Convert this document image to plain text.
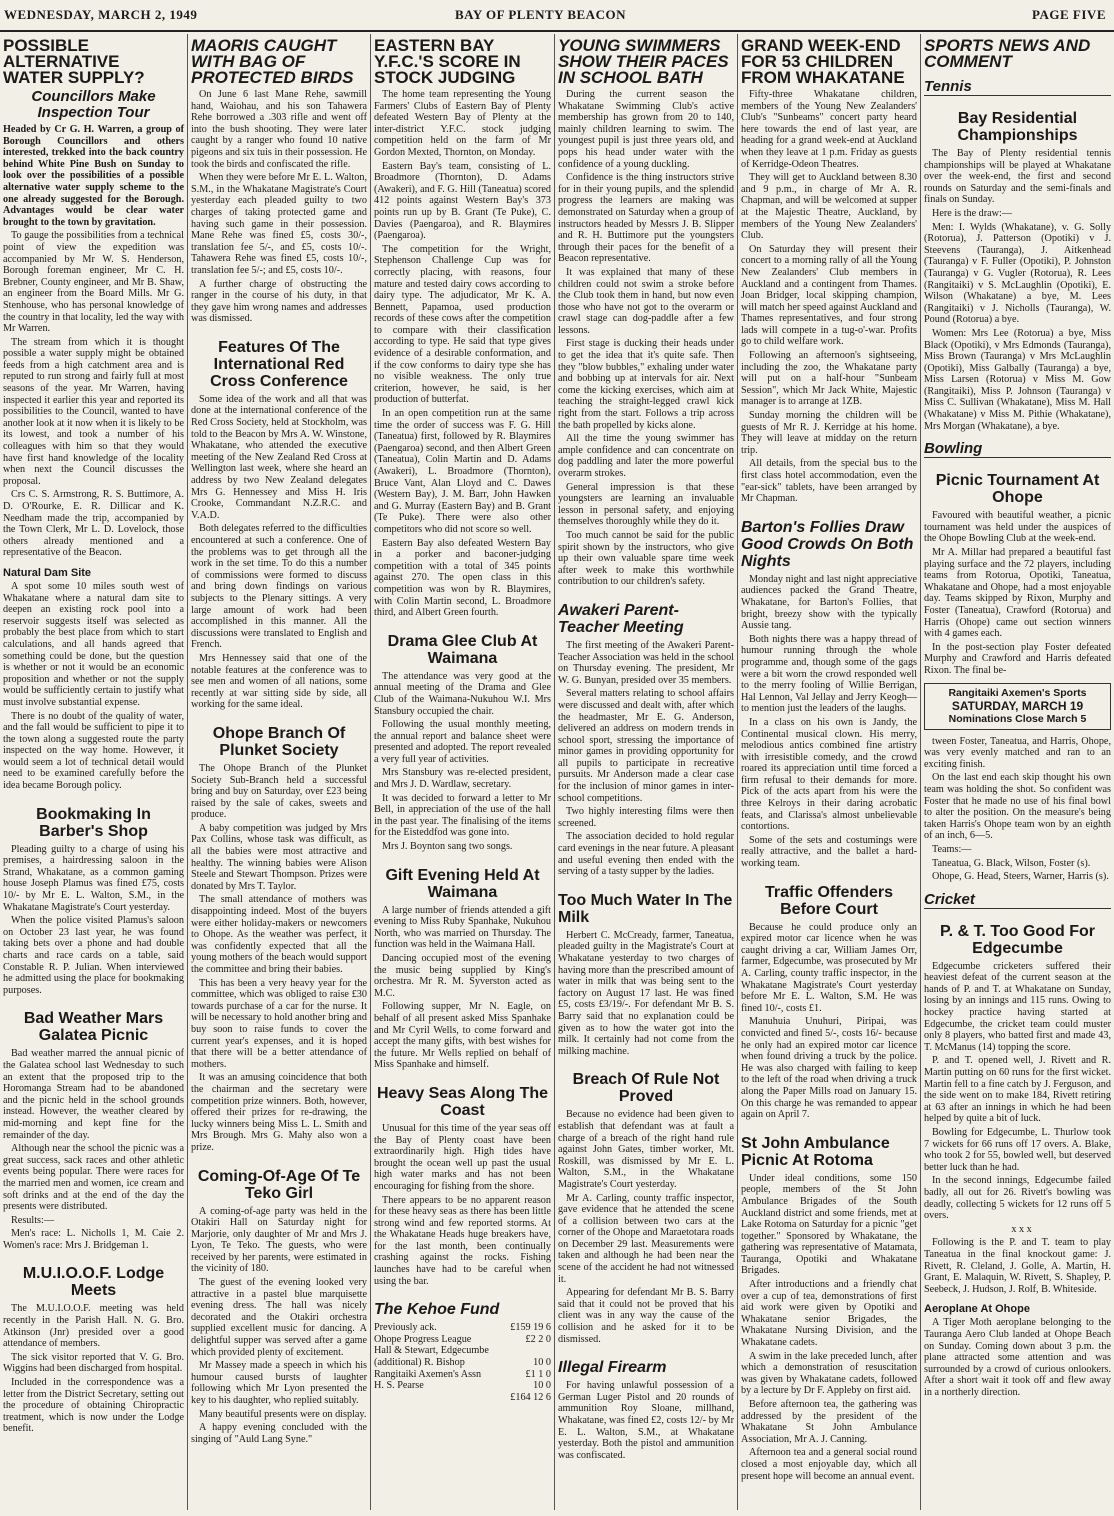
WEDNESDAY, MARCH 2, 1949	BAY OF PLENTY BEACON	PAGE FIVE
POSSIBLE ALTERNATIVE WATER SUPPLY?
Councillors Make Inspection Tour

Headed by Cr G. H. Warren, a group of Borough Councillors and others interested, trekked into the back country behind White Pine Bush on Sunday to look over the possibilities of a possible alternative water supply scheme to the one already suggested for the Borough. Advantages would be clear water brought to the town by gravitation.

To gauge the possibilities from a technical point of view the expedition was accompanied by Mr W. S. Henderson, Borough foreman engineer, Mr C. H. Brebner, County engineer, and Mr B. Shaw, an engineer from the Board Mills. Mr G. Stenhouse, who has personal knowledge of the country in that locality, led the way with Mr Warren.

The stream from which it is thought possible a water supply might be obtained feeds from a high catchment area and is reputed to run strong and fairly full at most seasons of the year. Mr Warren, having inspected it earlier this year and reported its possibilities to the Council, wanted to have another look at it now when it is likely to be its lowest, and took a number of his colleagues with him so that they would have first hand knowledge of the locality when next the Council discusses the proposal.

Crs C. S. Armstrong, R. S. Buttimore, A. D. O'Rourke, E. R. Dillicar and K. Needham made the trip, accompanied by the Town Clerk, Mr L. D. Lovelock, those others already mentioned and a representative of the Beacon.

Natural Dam Site

A spot some 10 miles south west of Whakatane where a natural dam site to deepen an existing rock pool into a reservoir suggests itself was selected as probably the best place from which to start calculations, and all hands agreed that something could be done, but the question is whether or not it would be an economic proposition and whether or not the supply would be sufficiently certain to justify what must involve substantial expense.

There is no doubt of the quality of water, and the fall would be sufficient to pipe it to the town along a suggested route the party inspected on the way home. However, it would seem a lot of technical detail would need to be examined carefully before the idea became Borough policy.

Bookmaking In Barber's Shop

Pleading guilty to a charge of using his premises, a hairdressing saloon in the Strand, Whakatane, as a common gaming house Joseph Plamus was fined £75, costs 10/- by Mr E. L. Walton, S.M., in the Whakatane Magistrate's Court yesterday.

When the police visited Plamus's saloon on October 23 last year, he was found taking bets over a phone and had double charts and race cards on a table, said Constable R. P. Julian. When interviewed he admitted using the place for bookmaking purposes.

Bad Weather Mars Galatea Picnic

Bad weather marred the annual picnic of the Galatea school last Wednesday to such an extent that the proposed trip to the Horomanga Stream had to be abandoned and the picnic held in the school grounds instead. However, the weather cleared by mid-morning and kept fine for the remainder of the day.

Although near the school the picnic was a great success, sack races and other athletic events being popular. There were races for the married men and women, ice cream and soft drinks and at the end of the day the presents were distributed.

Results:—

Men's race: L. Nicholls 1, M. Caie 2. Women's race: Mrs J. Bridgeman 1.

M.U.I.O.O.F. Lodge Meets

The M.U.I.O.O.F. meeting was held recently in the Parish Hall. N. G. Bro. Atkinson (Jnr) presided over a good attendance of members.

The sick visitor reported that V. G. Bro. Wiggins had been discharged from hospital.

Included in the correspondence was a letter from the District Secretary, setting out the procedure of obtaining Chiropractic treatment, which is now under the Lodge benefit.

MAORIS CAUGHT WITH BAG OF PROTECTED BIRDS

On June 6 last Mane Rehe, sawmill hand, Waiohau, and his son Tahawera Rehe borrowed a .303 rifle and went off into the bush shooting. They were later caught by a ranger who found 10 native pigeons and six tuis in their possession. He took the birds and confiscated the rifle.

When they were before Mr E. L. Walton, S.M., in the Whakatane Magistrate's Court yesterday each pleaded guilty to two charges of taking protected game and having such game in their possession. Mane Rehe was fined £5, costs 30/-, translation fee 5/-, and £5, costs 10/-. Tahawera Rehe was fined £5, costs 10/-, translation fee 5/-; and £5, costs 10/-.

A further charge of obstructing the ranger in the course of his duty, in that they gave him wrong names and addresses was dismissed.

Features Of The International Red Cross Conference

Some idea of the work and all that was done at the international conference of the Red Cross Society, held at Stockholm, was told to the Beacon by Mrs A. W. Winstone, Whakatane, who attended the executive meeting of the New Zealand Red Cross at Wellington last week, where she heard an address by two New Zealand delegates Mrs G. Hennessey and Miss H. Iris Crooke, Commandant N.Z.R.C. and V.A.D.

Both delegates referred to the difficulties encountered at such a conference. One of the problems was to get through all the work in the set time. To do this a number of commissions were formed to discuss and bring down findings on various subjects to the Plenary sittings. A very large amount of work had been accomplished in this manner. All the discussions were translated to English and French.

Mrs Hennessey said that one of the notable features at the conference was to see men and women of all nations, some recently at war sitting side by side, all working for the same ideal.

Ohope Branch Of Plunket Society

The Ohope Branch of the Plunket Society Sub-Branch held a successful bring and buy on Saturday, over £23 being raised by the sale of cakes, sweets and produce.

A baby competition was judged by Mrs Pax Collins, whose task was difficult, as all the babies were most attractive and healthy. The winning babies were Alison Steele and Stewart Thompson. Prizes were donated by Mrs T. Taylor.

The small attendance of mothers was disappointing indeed. Most of the buyers were either holiday-makers or newcomers to Ohope. As the weather was perfect, it was confidently expected that all the young mothers of the beach would support the committee and bring their babies.

This has been a very heavy year for the committee, which was obliged to raise £30 towards purchase of a car for the nurse. It will be necessary to hold another bring and buy soon to raise funds to cover the current year's expenses, and it is hoped that there will be a better attendance of mothers.

It was an amusing coincidence that both the chairman and the secretary were competition prize winners. Both, however, offered their prizes for re-drawing, the lucky winners being Miss L. L. Smith and Mrs Brough. Mrs G. Mahy also won a prize.

Coming-Of-Age Of Te Teko Girl

A coming-of-age party was held in the Otakiri Hall on Saturday night for Marjorie, only daughter of Mr and Mrs J. Lyon, Te Teko. The guests, who were received by her parents, were estimated in the vicinity of 180.

The guest of the evening looked very attractive in a pastel blue marquisette evening dress. The hall was nicely decorated and the Otakiri orchestra supplied excellent music for dancing. A delightful supper was served after a game which provided plenty of excitement.

Mr Massey made a speech in which his humour caused bursts of laughter following which Mr Lyon presented the key to his daughter, who replied suitably.

Many beautiful presents were on display.

A happy evening concluded with the singing of "Auld Lang Syne."

EASTERN BAY Y.F.C.'S SCORE IN STOCK JUDGING

The home team representing the Young Farmers' Clubs of Eastern Bay of Plenty defeated Western Bay of Plenty at the inter-district Y.F.C. stock judging competition held on the farm of Mr Gordon Mexted, Thornton, on Monday.

Eastern Bay's team, consisting of L. Broadmore (Thornton), D. Adams (Awakeri), and F. G. Hill (Taneatua) scored 412 points against Western Bay's 373 points run up by B. Grant (Te Puke), C. Davies (Paengaroa), and R. Blaymires (Paengaroa).

The competition for the Wright, Stephenson Challenge Cup was for correctly placing, with reasons, four mature and tested dairy cows according to dairy type. The adjudicator, Mr K. A. Bennett, Papamoa, used production records of these cows after the competition to compare with their classification according to type. He said that type gives evidence of a desirable conformation, and if the cow conforms to dairy type she has no visible weakness. The only true criterion, however, he said, is her production of butterfat.

In an open competition run at the same time the order of success was F. G. Hill (Taneatua) first, followed by R. Blaymires (Paengaroa) second, and then Albert Green (Taneatua), Colin Martin and D. Adams (Awakeri), L. Broadmore (Thornton), Bruce Vant, Alan Lloyd and C. Dawes (Western Bay), J. M. Barr, John Hawken and G. Murray (Eastern Bay) and B. Grant (Te Puke). There were also other competitors who did not score so well.

Eastern Bay also defeated Western Bay in a porker and baconer-judging competition with a total of 345 points against 270. The open class in this competition was won by R. Blaymires, with Colin Martin second, L. Broadmore third, and Albert Green fourth.

Drama Glee Club At Waimana

The attendance was very good at the annual meeting of the Drama and Glee Club of the Waimana-Nukuhou W.I. Mrs Stansbury occupied the chair.

Following the usual monthly meeting, the annual report and balance sheet were presented and adopted. The report revealed a very full year of activities.

Mrs Stansbury was re-elected president, and Mrs J. D. Wardlaw, secretary.

It was decided to forward a letter to Mr Bell, in appreciation of the use of the hall in the past year. The finalising of the items for the Eisteddfod was gone into.

Mrs J. Boynton sang two songs.

Gift Evening Held At Waimana

A large number of friends attended a gift evening to Miss Ruby Spanhake, Nukuhou North, who was married on Thursday. The function was held in the Waimana Hall.

Dancing occupied most of the evening the music being supplied by King's orchestra. Mr R. M. Syverston acted as M.C.

Following supper, Mr N. Eagle, on behalf of all present asked Miss Spanhake and Mr Cyril Wells, to come forward and accept the many gifts, with best wishes for the future. Mr Wells replied on behalf of Miss Spanhake and himself.

Heavy Seas Along The Coast

Unusual for this time of the year seas off the Bay of Plenty coast have been extraordinarily high. High tides have brought the ocean well up past the usual high water marks and has not been encouraging for fishing from the shore.

There appears to be no apparent reason for these heavy seas as there has been little strong wind and few reported storms. At the Whakatane Heads huge breakers have, for the last month, been continually crashing against the rocks. Fishing launches have had to be careful when using the bar.

The Kehoe Fund
Previously ack.	£159 19 6
Ohope Progress League	£2 2 0
Hall & Stewart, Edgecumbe	
(additional) R. Bishop	10 0
Rangitaiki Axemen's Assn	£1 1 0
H. S. Pearse	10 0
	£164 12 6
YOUNG SWIMMERS SHOW THEIR PACES IN SCHOOL BATH

During the current season the Whakatane Swimming Club's active membership has grown from 20 to 140, mainly children learning to swim. The youngest pupil is just three years old, and pops his head under water with the confidence of a young duckling.

Confidence is the thing instructors strive for in their young pupils, and the splendid progress the learners are making was demonstrated on Saturday when a group of instructors headed by Messrs J. B. Slipper and R. H. Buttimore put the youngsters through their paces for the benefit of a Beacon representative.

It was explained that many of these children could not swim a stroke before the Club took them in hand, but now even those who have not got to the overarm or crawl stage can dog-paddle after a few lessons.

First stage is ducking their heads under to get the idea that it's quite safe. Then they "blow bubbles," exhaling under water and bobbing up at intervals for air. Next come the kicking exercises, which aim at teaching the straight-legged crawl kick right from the start. Follows a trip across the bath propelled by kicks alone.

All the time the young swimmer has ample confidence and can concentrate on dog paddling and later the more powerful overarm strokes.

General impression is that these youngsters are learning an invaluable lesson in personal safety, and enjoying themselves thoroughly while they do it.

Too much cannot be said for the public spirit shown by the instructors, who give up their own valuable spare time week after week to make this worthwhile contribution to our children's safety.

Awakeri Parent-Teacher Meeting

The first meeting of the Awakeri Parent-Teacher Association was held in the school on Thursday evening. The president, Mr W. G. Bunyan, presided over 35 members.

Several matters relating to school affairs were discussed and dealt with, after which the headmaster, Mr E. G. Anderson, delivered an address on modern trends in school sport, stressing the importance of minor games in providing opportunity for all pupils to participate in recreative pursuits. Mr Anderson made a clear case for the inclusion of minor games in inter-school competitions.

Two highly interesting films were then screened.

The association decided to hold regular card evenings in the near future. A pleasant and useful evening then ended with the serving of a tasty supper by the ladies.

Too Much Water In The Milk

Herbert C. McCready, farmer, Taneatua, pleaded guilty in the Magistrate's Court at Whakatane yesterday to two charges of having more than the prescribed amount of water in milk that was being sent to the factory on August 17 last. He was fined £5, costs £3/19/-. For defendant Mr B. S. Barry said that no explanation could be given as to how the water got into the milk. It certainly had not come from the milking machine.

Breach Of Rule Not Proved

Because no evidence had been given to establish that defendant was at fault a charge of a breach of the right hand rule against John Gates, timber worker, Mt. Roskill, was dismissed by Mr E. L. Walton, S.M., in the Whakatane Magistrate's Court yesterday.

Mr A. Carling, county traffic inspector, gave evidence that he attended the scene of a collision between two cars at the corner of the Ohope and Maraetotara roads on December 29 last. Measurements were taken and although he had been near the scene of the accident he had not witnessed it.

Appearing for defendant Mr B. S. Barry said that it could not be proved that his client was in any way the cause of the collision and he asked for it to be dismissed.

Illegal Firearm

For having unlawful possession of a German Luger Pistol and 20 rounds of ammunition Roy Sloane, millhand, Whakatane, was fined £2, costs 12/- by Mr E. L. Walton, S.M., at Whakatane yesterday. Both the pistol and ammunition was confiscated.

GRAND WEEK-END FOR 53 CHILDREN FROM WHAKATANE

Fifty-three Whakatane children, members of the Young New Zealanders' Club's "Sunbeams" concert party heard here towards the end of last year, are heading for a grand week-end at Auckland when they leave at 1 p.m. Friday as guests of Kerridge-Odeon Theatres.

They will get to Auckland between 8.30 and 9 p.m., in charge of Mr A. R. Chapman, and will be welcomed at supper at the Majestic Theatre, Auckland, by members of the Young New Zealanders' Club.

On Saturday they will present their concert to a morning rally of all the Young New Zealanders' Club members in Auckland and a contingent from Thames. Joan Bridger, local skipping champion, will match her speed against Auckland and Thames representatives, and four strong lads will compete in a tug-o'-war. Profits go to child welfare work.

Following an afternoon's sightseeing, including the zoo, the Whakatane party will put on a half-hour "Sunbeam Session", which Mr Jack White, Majestic manager is to arrange at 1ZB.

Sunday morning the children will be guests of Mr R. J. Kerridge at his home. They will leave at midday on the return trip.

All details, from the special bus to the first class hotel accommodation, even the "ear-sick" tablets, have been arranged by Mr Chapman.

Barton's Follies Draw Good Crowds On Both Nights

Monday night and last night appreciative audiences packed the Grand Theatre, Whakatane, for Barton's Follies, that bright, breezy show with the typically Aussie tang.

Both nights there was a happy thread of humour running through the whole programme and, though some of the gags were a bit worn the crowd responded well to the merry fooling of Willie Berrigan, Hal Lennon, Val Jellay and Jerry Keogh—to mention just the leaders of the laughs.

In a class on his own is Jandy, the Continental musical clown. His merry, melodious antics combined fine artistry with irresistible comedy, and the crowd roared its appreciation until time forced a firm refusal to their demands for more. Pick of the acts apart from his were the three Kelroys in their daring acrobatic feats, and Clarissa's almost unbelievable contortions.

Some of the sets and costumings were really attractive, and the ballet a hard-working team.

Traffic Offenders Before Court

Because he could produce only an expired motor car licence when he was caught driving a car, William James Orr, farmer, Edgecumbe, was prosecuted by Mr A. Carling, county traffic inspector, in the Whakatane Magistrate's Court yesterday before Mr E. L. Walton, S.M. He was fined 10/-, costs £1.

Manuhuia Unuhuri, Piripai, was convicted and fined 5/-, costs 16/- because he only had an expired motor car licence when found driving a truck by the police. He was also charged with failing to keep to the left of the road when driving a truck along the Paper Mills road on January 15. On this charge he was remanded to appear again on April 7.

St John Ambulance Picnic At Rotoma

Under ideal conditions, some 150 people, members of the St John Ambulance Brigades of the South Auckland district and some friends, met at Lake Rotoma on Saturday for a picnic "get together." Sponsored by Whakatane, the gathering was representative of Matamata, Tauranga, Opotiki and Whakatane Brigades.

After introductions and a friendly chat over a cup of tea, demonstrations of first aid work were given by Opotiki and Whakatane senior Brigades, the Whakatane Nursing Division, and the Whakatane cadets.

A swim in the lake preceded lunch, after which a demonstration of resuscitation was given by Whakatane cadets, followed by a lecture by Dr F. Appleby on first aid.

Before afternoon tea, the gathering was addressed by the president of the Whakatane St John Ambulance Association, Mr A. J. Canning.

Afternoon tea and a general social round closed a most enjoyable day, which all present hope will become an annual event.

SPORTS NEWS AND COMMENT
Tennis
Bay Residential Championships

The Bay of Plenty residential tennis championships will be played at Whakatane over the week-end, the first and second rounds on Saturday and the semi-finals and finals on Sunday.

Here is the draw:—

Men: I. Wylds (Whakatane), v. G. Solly (Rotorua), J. Patterson (Opotiki) v J. Steevens (Tauranga), J. Aitkenhead (Tauranga) v F. Fuller (Opotiki), P. Johnston (Tauranga) v G. Vugler (Rotorua), R. Lees (Rangitaiki) v S. McLaughlin (Opotiki), E. Wilson (Whakatane) a bye, M. Lees (Rangitaiki) v J. Nicholls (Tauranga), W. Pound (Rotorua) a bye.

Women: Mrs Lee (Rotorua) a bye, Miss Black (Opotiki), v Mrs Edmonds (Tauranga), Miss Brown (Tauranga) v Mrs McLaughlin (Opotiki), Miss Galbally (Tauranga) a bye, Miss Larsen (Rotorua) v Miss M. Gow (Rangitaiki), Miss P. Johnson (Tauranga) v Miss C. Sullivan (Whakatane), Miss M. Hall (Whakatane) v Miss M. Pithie (Whakatane), Mrs Morgan (Whakatane), a bye.

Bowling
Picnic Tournament At Ohope

Favoured with beautiful weather, a picnic tournament was held under the auspices of the Ohope Bowling Club at the week-end.

Mr A. Millar had prepared a beautiful fast playing surface and the 72 players, including teams from Rotorua, Opotiki, Taneatua, Whakatane and Ohope, had a most enjoyable day. Teams skipped by Rixon, Murphy and Foster (Taneatua), Crawford (Rotorua) and Harris (Ohope) came out section winners with 4 games each.

In the post-section play Foster defeated Murphy and Crawford and Harris defeated Rixon. The final be-

Rangitaiki Axemen's Sports
SATURDAY, MARCH 19
Nominations Close March 5

tween Foster, Taneatua, and Harris, Ohope, was very evenly matched and ran to an exciting finish.

On the last end each skip thought his own team was holding the shot. So confident was Foster that he made no use of his final bowl to alter the position. On the measure's being taken Harris's Ohope team won by an eighth of an inch, 6—5.

Teams:—

Taneatua, G. Black, Wilson, Foster (s).

Ohope, G. Head, Steers, Warner, Harris (s).

Cricket
P. & T. Too Good For Edgecumbe

Edgecumbe cricketers suffered their heaviest defeat of the current season at the hands of P. and T. at Whakatane on Sunday, losing by an innings and 115 runs. Owing to hockey practice having started at Edgecumbe, the cricket team could muster only 8 players, who batted first and made 43, T. McManus (14) topping the score.

P. and T. opened well, J. Rivett and R. Martin putting on 60 runs for the first wicket. Martin fell to a fine catch by J. Ferguson, and the side went on to make 184, Rivett retiring at 63 after an innings in which he had been helped by quite a bit of luck.

Bowling for Edgecumbe, L. Thurlow took 7 wickets for 66 runs off 17 overs. A. Blake, who took 2 for 55, bowled well, but deserved better luck than he had.

In the second innings, Edgecumbe failed badly, all out for 26. Rivett's bowling was deadly, collecting 5 wickets for 12 runs off 5 overs.

x x x

Following is the P. and T. team to play Taneatua in the final knockout game: J. Rivett, R. Cleland, J. Golle, A. Martin, H. Grant, E. Malaquin, W. Rivett, S. Shapley, P. Seebeck, J. Hudson, J. Rolf, B. Whiteside.

Aeroplane At Ohope

A Tiger Moth aeroplane belonging to the Tauranga Aero Club landed at Ohope Beach on Sunday. Coming down about 3 p.m. the plane attracted some attention and was surrounded by a crowd of curious onlookers. After a short wait it took off and flew away in a northerly direction.
